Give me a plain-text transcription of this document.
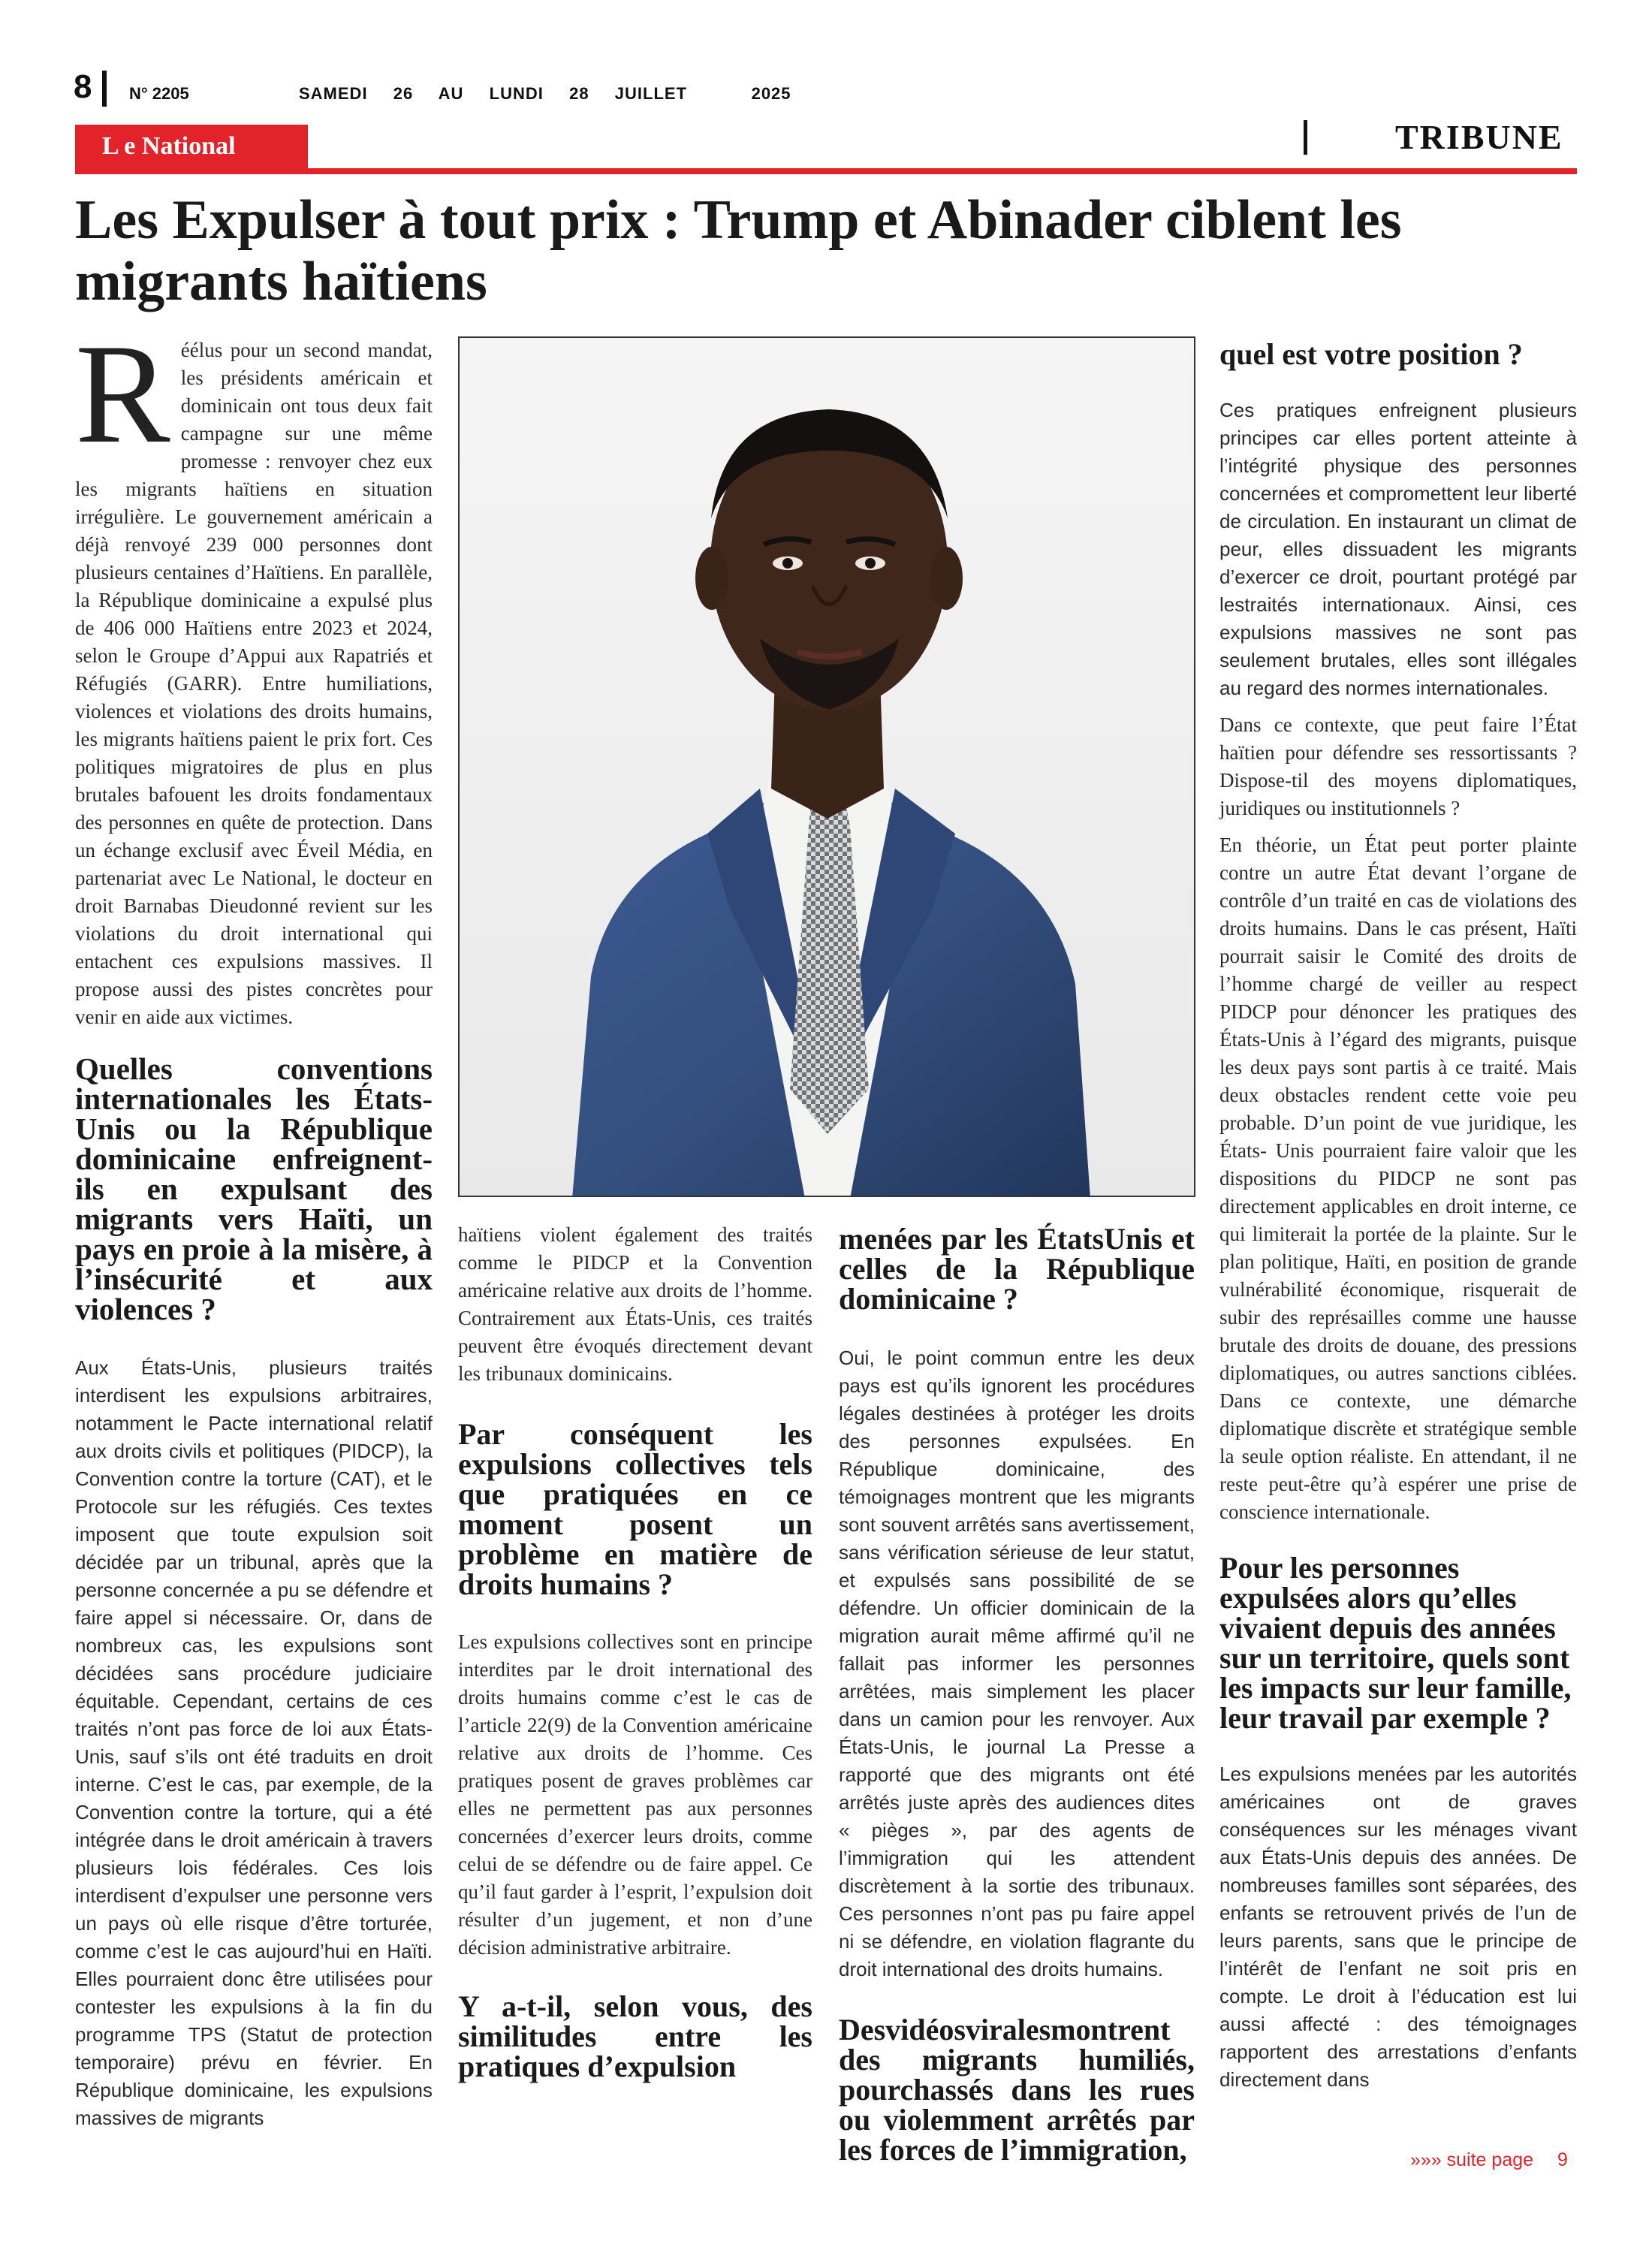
8 N° 2205	SAMEDI  26  AU  LUNDI  28  JUILLET     2025
L e National	TRIBUNE
Les Expulser à tout prix : Trump et Abinader ciblent les migrants haïtiens

Réélus pour un second mandat, les présidents américain et dominicain ont tous deux fait campagne sur une même promesse : renvoyer chez eux les migrants haïtiens en situation irrégulière. Le gouvernement américain a déjà renvoyé 239 000 personnes dont plusieurs centaines d’Haïtiens. En parallèle, la République dominicaine a expulsé plus de 406 000 Haïtiens entre 2023 et 2024, selon le Groupe d’Appui aux Rapatriés et Réfugiés (GARR). Entre humiliations, violences et violations des droits humains, les migrants haïtiens paient le prix fort. Ces politiques migratoires de plus en plus brutales bafouent les droits fondamentaux des personnes en quête de protection. Dans un échange exclusif avec Éveil Média, en partenariat avec Le National, le docteur en droit Barnabas Dieudonné revient sur les violations du droit international qui entachent ces expulsions massives. Il propose aussi des pistes concrètes pour venir en aide aux victimes.

Quelles conventions internationales les États-Unis ou la République dominicaine enfreignent-ils en expulsant des migrants vers Haïti, un pays en proie à la misère, à l’insécurité et aux violences ?

Aux États-Unis, plusieurs traités interdisent les expulsions arbitraires, notamment le Pacte international relatif aux droits civils et politiques (PIDCP), la Convention contre la torture (CAT), et le Protocole sur les réfugiés. Ces textes imposent que toute expulsion soit décidée par un tribunal, après que la personne concernée a pu se défendre et faire appel si nécessaire. Or, dans de nombreux cas, les expulsions sont décidées sans procédure judiciaire équitable. Cependant, certains de ces traités n’ont pas force de loi aux États-Unis, sauf s’ils ont été traduits en droit interne. C’est le cas, par exemple, de la Convention contre la torture, qui a été intégrée dans le droit américain à travers plusieurs lois fédérales. Ces lois interdisent d’expulser une personne vers un pays où elle risque d’être torturée, comme c’est le cas aujourd’hui en Haïti. Elles pourraient donc être utilisées pour contester les expulsions à la fin du programme TPS (Statut de protection temporaire) prévu en février. En République dominicaine, les expulsions massives de migrants

haïtiens violent également des traités comme le PIDCP et la Convention américaine relative aux droits de l’homme. Contrairement aux États-Unis, ces traités peuvent être évoqués directement devant les tribunaux dominicains.

Par conséquent les expulsions collectives tels que pratiquées en ce moment posent un problème en matière de droits humains ?

Les expulsions collectives sont en principe interdites par le droit international des droits humains comme c’est le cas de l’article 22(9) de la Convention américaine relative aux droits de l’homme. Ces pratiques posent de graves problèmes car elles ne permettent pas aux personnes concernées d’exercer leurs droits, comme celui de se défendre ou de faire appel. Ce qu’il faut garder à l’esprit, l’expulsion doit résulter d’un jugement, et non d’une décision administrative arbitraire.

Y a-t-il, selon vous, des similitudes entre les pratiques d’expulsion

menées par les ÉtatsUnis et celles de la République dominicaine ?

Oui, le point commun entre les deux pays est qu’ils ignorent les procédures légales destinées à protéger les droits des personnes expulsées. En République dominicaine, des témoignages montrent que les migrants sont souvent arrêtés sans avertissement, sans vérification sérieuse de leur statut, et expulsés sans possibilité de se défendre. Un officier dominicain de la migration aurait même affirmé qu’il ne fallait pas informer les personnes arrêtées, mais simplement les placer dans un camion pour les renvoyer. Aux États-Unis, le journal La Presse a rapporté que des migrants ont été arrêtés juste après des audiences dites « pièges », par des agents de l’immigration qui les attendent discrètement à la sortie des tribunaux. Ces personnes n’ont pas pu faire appel ni se défendre, en violation flagrante du droit international des droits humains.

Desvidéosviralesmontrent des migrants humiliés, pourchassés dans les rues ou violemment arrêtés par les forces de l’immigration,

quel est votre position ?

Ces pratiques enfreignent plusieurs principes car elles portent atteinte à l’intégrité physique des personnes concernées et compromettent leur liberté de circulation. En instaurant un climat de peur, elles dissuadent les migrants d’exercer ce droit, pourtant protégé par lestraités internationaux. Ainsi, ces expulsions massives ne sont pas seulement brutales, elles sont illégales au regard des normes internationales.

Dans ce contexte, que peut faire l’État haïtien pour défendre ses ressortissants ? Dispose-til des moyens diplomatiques, juridiques ou institutionnels ?

En théorie, un État peut porter plainte contre un autre État devant l’organe de contrôle d’un traité en cas de violations des droits humains. Dans le cas présent, Haïti pourrait saisir le Comité des droits de l’homme chargé de veiller au respect PIDCP pour dénoncer les pratiques des États-Unis à l’égard des migrants, puisque les deux pays sont partis à ce traité. Mais deux obstacles rendent cette voie peu probable. D’un point de vue juridique, les États- Unis pourraient faire valoir que les dispositions du PIDCP ne sont pas directement applicables en droit interne, ce qui limiterait la portée de la plainte. Sur le plan politique, Haïti, en position de grande vulnérabilité économique, risquerait de subir des représailles comme une hausse brutale des droits de douane, des pressions diplomatiques, ou autres sanctions ciblées. Dans ce contexte, une démarche diplomatique discrète et stratégique semble la seule option réaliste. En attendant, il ne reste peut-être qu’à espérer une prise de conscience internationale.

Pour les personnes expulsées alors qu’elles vivaient depuis des années sur un territoire, quels sont les impacts sur leur famille, leur travail par exemple ?

Les expulsions menées par les autorités américaines ont de graves conséquences sur les ménages vivant aux États-Unis depuis des années. De nombreuses familles sont séparées, des enfants se retrouvent privés de l’un de leurs parents, sans que le principe de l’intérêt de l’enfant ne soit pris en compte. Le droit à l’éducation est lui aussi affecté : des témoignages rapportent des arrestations d’enfants directement dans

»»» suite page 9
